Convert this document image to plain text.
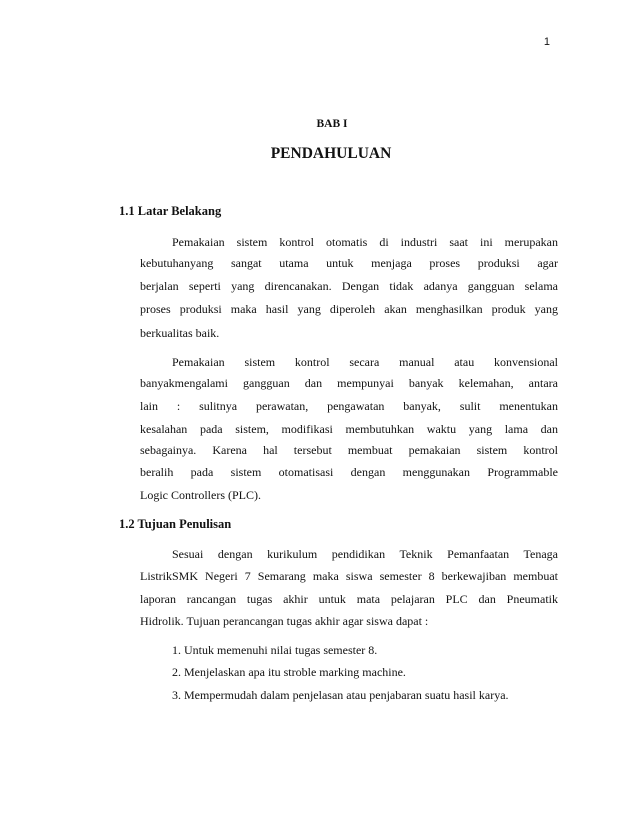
1
BAB I
PENDAHULUAN
1.1 Latar Belakang
Pemakaian sistem kontrol otomatis di industri saat ini merupakan
kebutuhanyang sangat utama untuk menjaga proses produksi agar
berjalan seperti yang direncanakan. Dengan tidak adanya gangguan selama
proses produksi maka hasil yang diperoleh akan menghasilkan produk yang
berkualitas baik.
Pemakaian sistem kontrol secara manual atau konvensional
banyakmengalami gangguan dan mempunyai banyak kelemahan, antara
lain : sulitnya perawatan, pengawatan banyak, sulit menentukan
kesalahan pada sistem, modifikasi membutuhkan waktu yang lama dan
sebagainya. Karena hal tersebut membuat pemakaian sistem kontrol
beralih pada sistem otomatisasi dengan menggunakan Programmable
Logic Controllers (PLC).
1.2 Tujuan Penulisan
Sesuai dengan kurikulum pendidikan Teknik Pemanfaatan Tenaga
ListrikSMK Negeri 7 Semarang maka siswa semester 8 berkewajiban membuat
laporan rancangan tugas akhir untuk mata pelajaran PLC dan Pneumatik
Hidrolik. Tujuan perancangan tugas akhir agar siswa dapat :
1. Untuk memenuhi nilai tugas semester 8.
2. Menjelaskan apa itu stroble marking machine.
3. Mempermudah dalam penjelasan atau penjabaran suatu hasil karya.
